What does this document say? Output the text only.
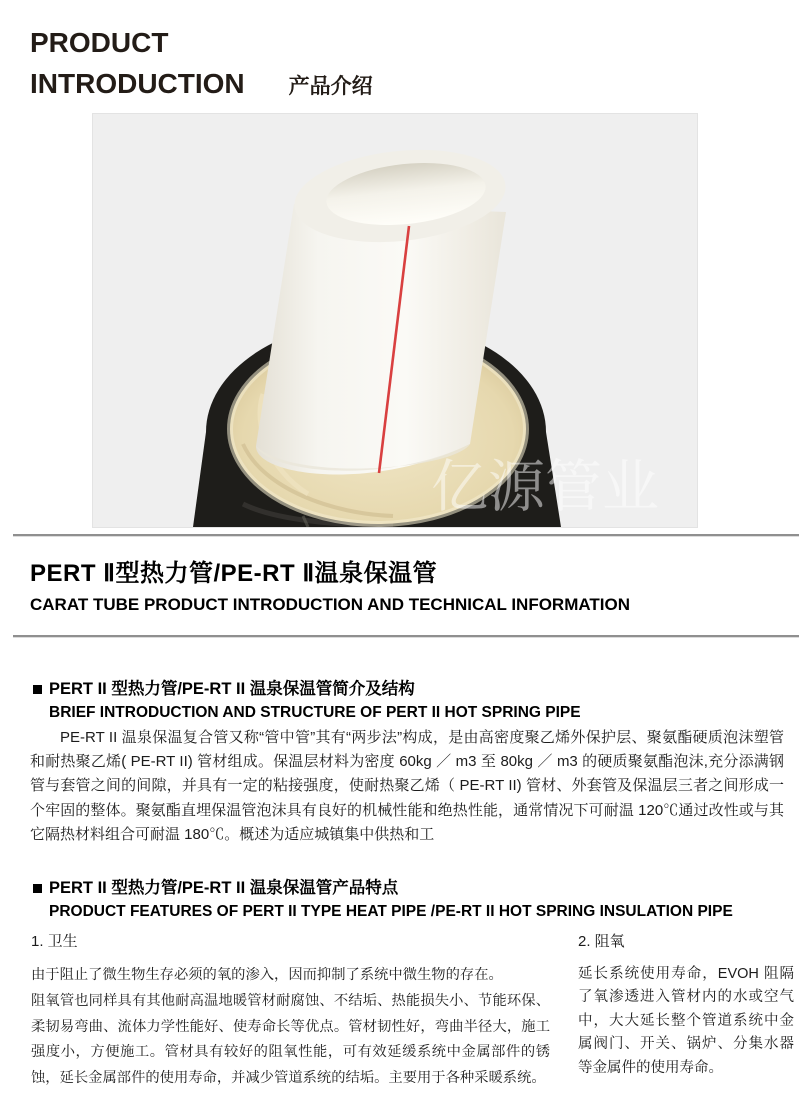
PRODUCT
INTRODUCTION 产品介绍
亿源管业
PERT Ⅱ型热力管/PE-RT Ⅱ温泉保温管
CARAT TUBE PRODUCT INTRODUCTION AND TECHNICAL INFORMATION
PERT II 型热力管/PE-RT II 温泉保温管简介及结构
BRIEF INTRODUCTION AND STRUCTURE OF PERT II HOT SPRING PIPE

PE-RT II 温泉保温复合管又称“管中管”其有“两步法”构成，是由高密度聚乙烯外保护层、聚氨酯硬质泡沫塑管和耐热聚乙烯( PE-RT II) 管材组成。保温层材料为密度 60kg ／ m3 至 80kg ／ m3 的硬质聚氨酯泡沫,充分添满钢管与套管之间的间隙，并具有一定的粘接强度，使耐热聚乙烯（ PE-RT II) 管材、外套管及保温层三者之间形成一个牢固的整体。聚氨酯直埋保温管泡沫具有良好的机械性能和绝热性能，通常情况下可耐温 120℃通过改性或与其它隔热材料组合可耐温 180℃。概述为适应城镇集中供热和工

PERT II 型热力管/PE-RT II 温泉保温管产品特点
PRODUCT FEATURES OF PERT II TYPE HEAT PIPE /PE-RT II HOT SPRING INSULATION PIPE
1. 卫生

由于阻止了微生物生存必须的氧的渗入，因而抑制了系统中微生物的存在。

阻氧管也同样具有其他耐高温地暖管材耐腐蚀、不结垢、热能损失小、节能环保、柔韧易弯曲、流体力学性能好、使寿命长等优点。管材韧性好，弯曲半径大，施工强度小，方便施工。管材具有较好的阻氧性能，可有效延缓系统中金属部件的锈蚀，延长金属部件的使用寿命，并减少管道系统的结垢。主要用于各种采暖系统。

2. 阻氧

延长系统使用寿命，EVOH 阻隔了氧渗透进入管材内的水或空气中，大大延长整个管道系统中金属阀门、开关、锅炉、分集水器等金属件的使用寿命。
